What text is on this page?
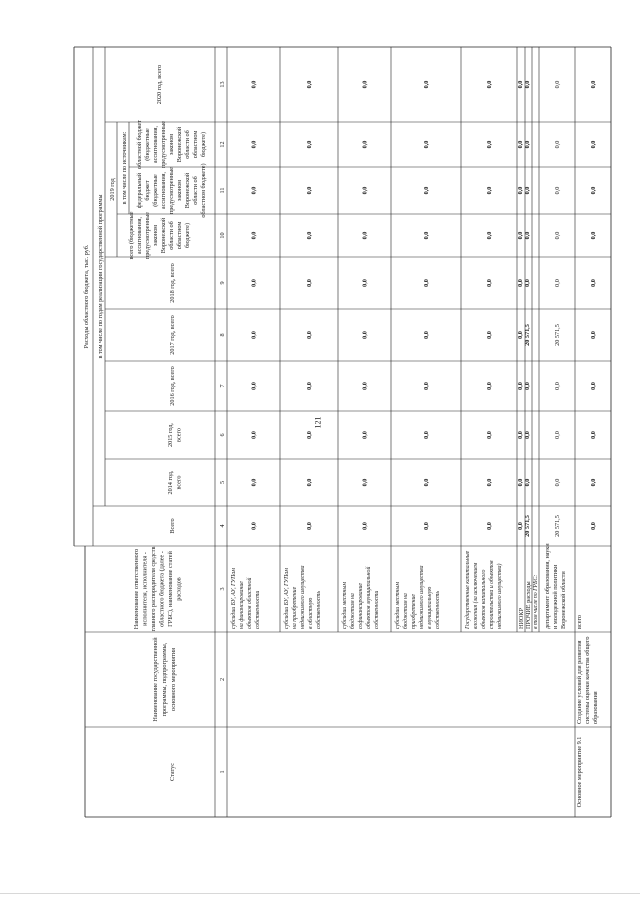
121
Расходы областного бюджета, тыс. руб. в том числе по годам реализации государственной программы
2019 год в том числе по источникам:
Статус
Наименование государственной программы, подпрограммы, основного мероприятия
Наименование ответственного исполнителя, исполнителя - главного распорядителя средств областного бюджета (далее - ГРБС), наименование статей расходов
Всего
2014 год, всего
2015 год, всего
2016 год, всего
2017 год, всего
2018 год, всего
всего (бюджетные ассигнования, предусмотренные законом Воронежской области об областном бюджете)
федеральный бюджет (бюджетные ассигнования, предусмотренные законом Воронежской области об областном бюджете)
областной бюджет (бюджетные ассигнования, предусмотренные законом Воронежской области об областном бюджете)
2020 год, всего
1
2
3
4
5
6
7
8
9
10
11
12
13
субсидии БУ, АУ, ГУПам на финансирование объектов областной собственности
0,0
0,0
0,0
0,0
0,0
0,0
0,0
0,0
0,0
0,0
субсидии БУ, АУ, ГУПам на приобретение недвижимого имущества в областную собственность
0,0
0,0
0,0
0,0
0,0
0,0
0,0
0,0
0,0
0,0
субсидии местным бюджетам на софинансирование объектов муниципальной собственности
0,0
0,0
0,0
0,0
0,0
0,0
0,0
0,0
0,0
0,0
субсидии местным бюджетам на приобретение недвижимого имущества в муниципальную собственность
0,0
0,0
0,0
0,0
0,0
0,0
0,0
0,0
0,0
0,0
Государственные капитальные вложения (за исключением объектов капитального строительства и объектов недвижимого имущества)
0,0
0,0
0,0
0,0
0,0
0,0
0,0
0,0
0,0
0,0
НИОКР
0,0
0,0
0,0
0,0
0,0
0,0
0,0
0,0
0,0
0,0
ПРОЧИЕ расходы
20 571,5
0,0
0,0
0,0
20 571,5
0,0
0,0
0,0
0,0
0,0
в том числе по ГРБС: департамент образования, науки и молодежной политики Воронежской области
20 571,5
0,0
0,0
0,0
20 571,5
0,0
0,0
0,0
0,0
0,0
Основное мероприятие 9.1
Создание условий для развития системы оценки качества общего образования
всего
0,0
0,0
0,0
0,0
0,0
0,0
0,0
0,0
0,0
0,0
